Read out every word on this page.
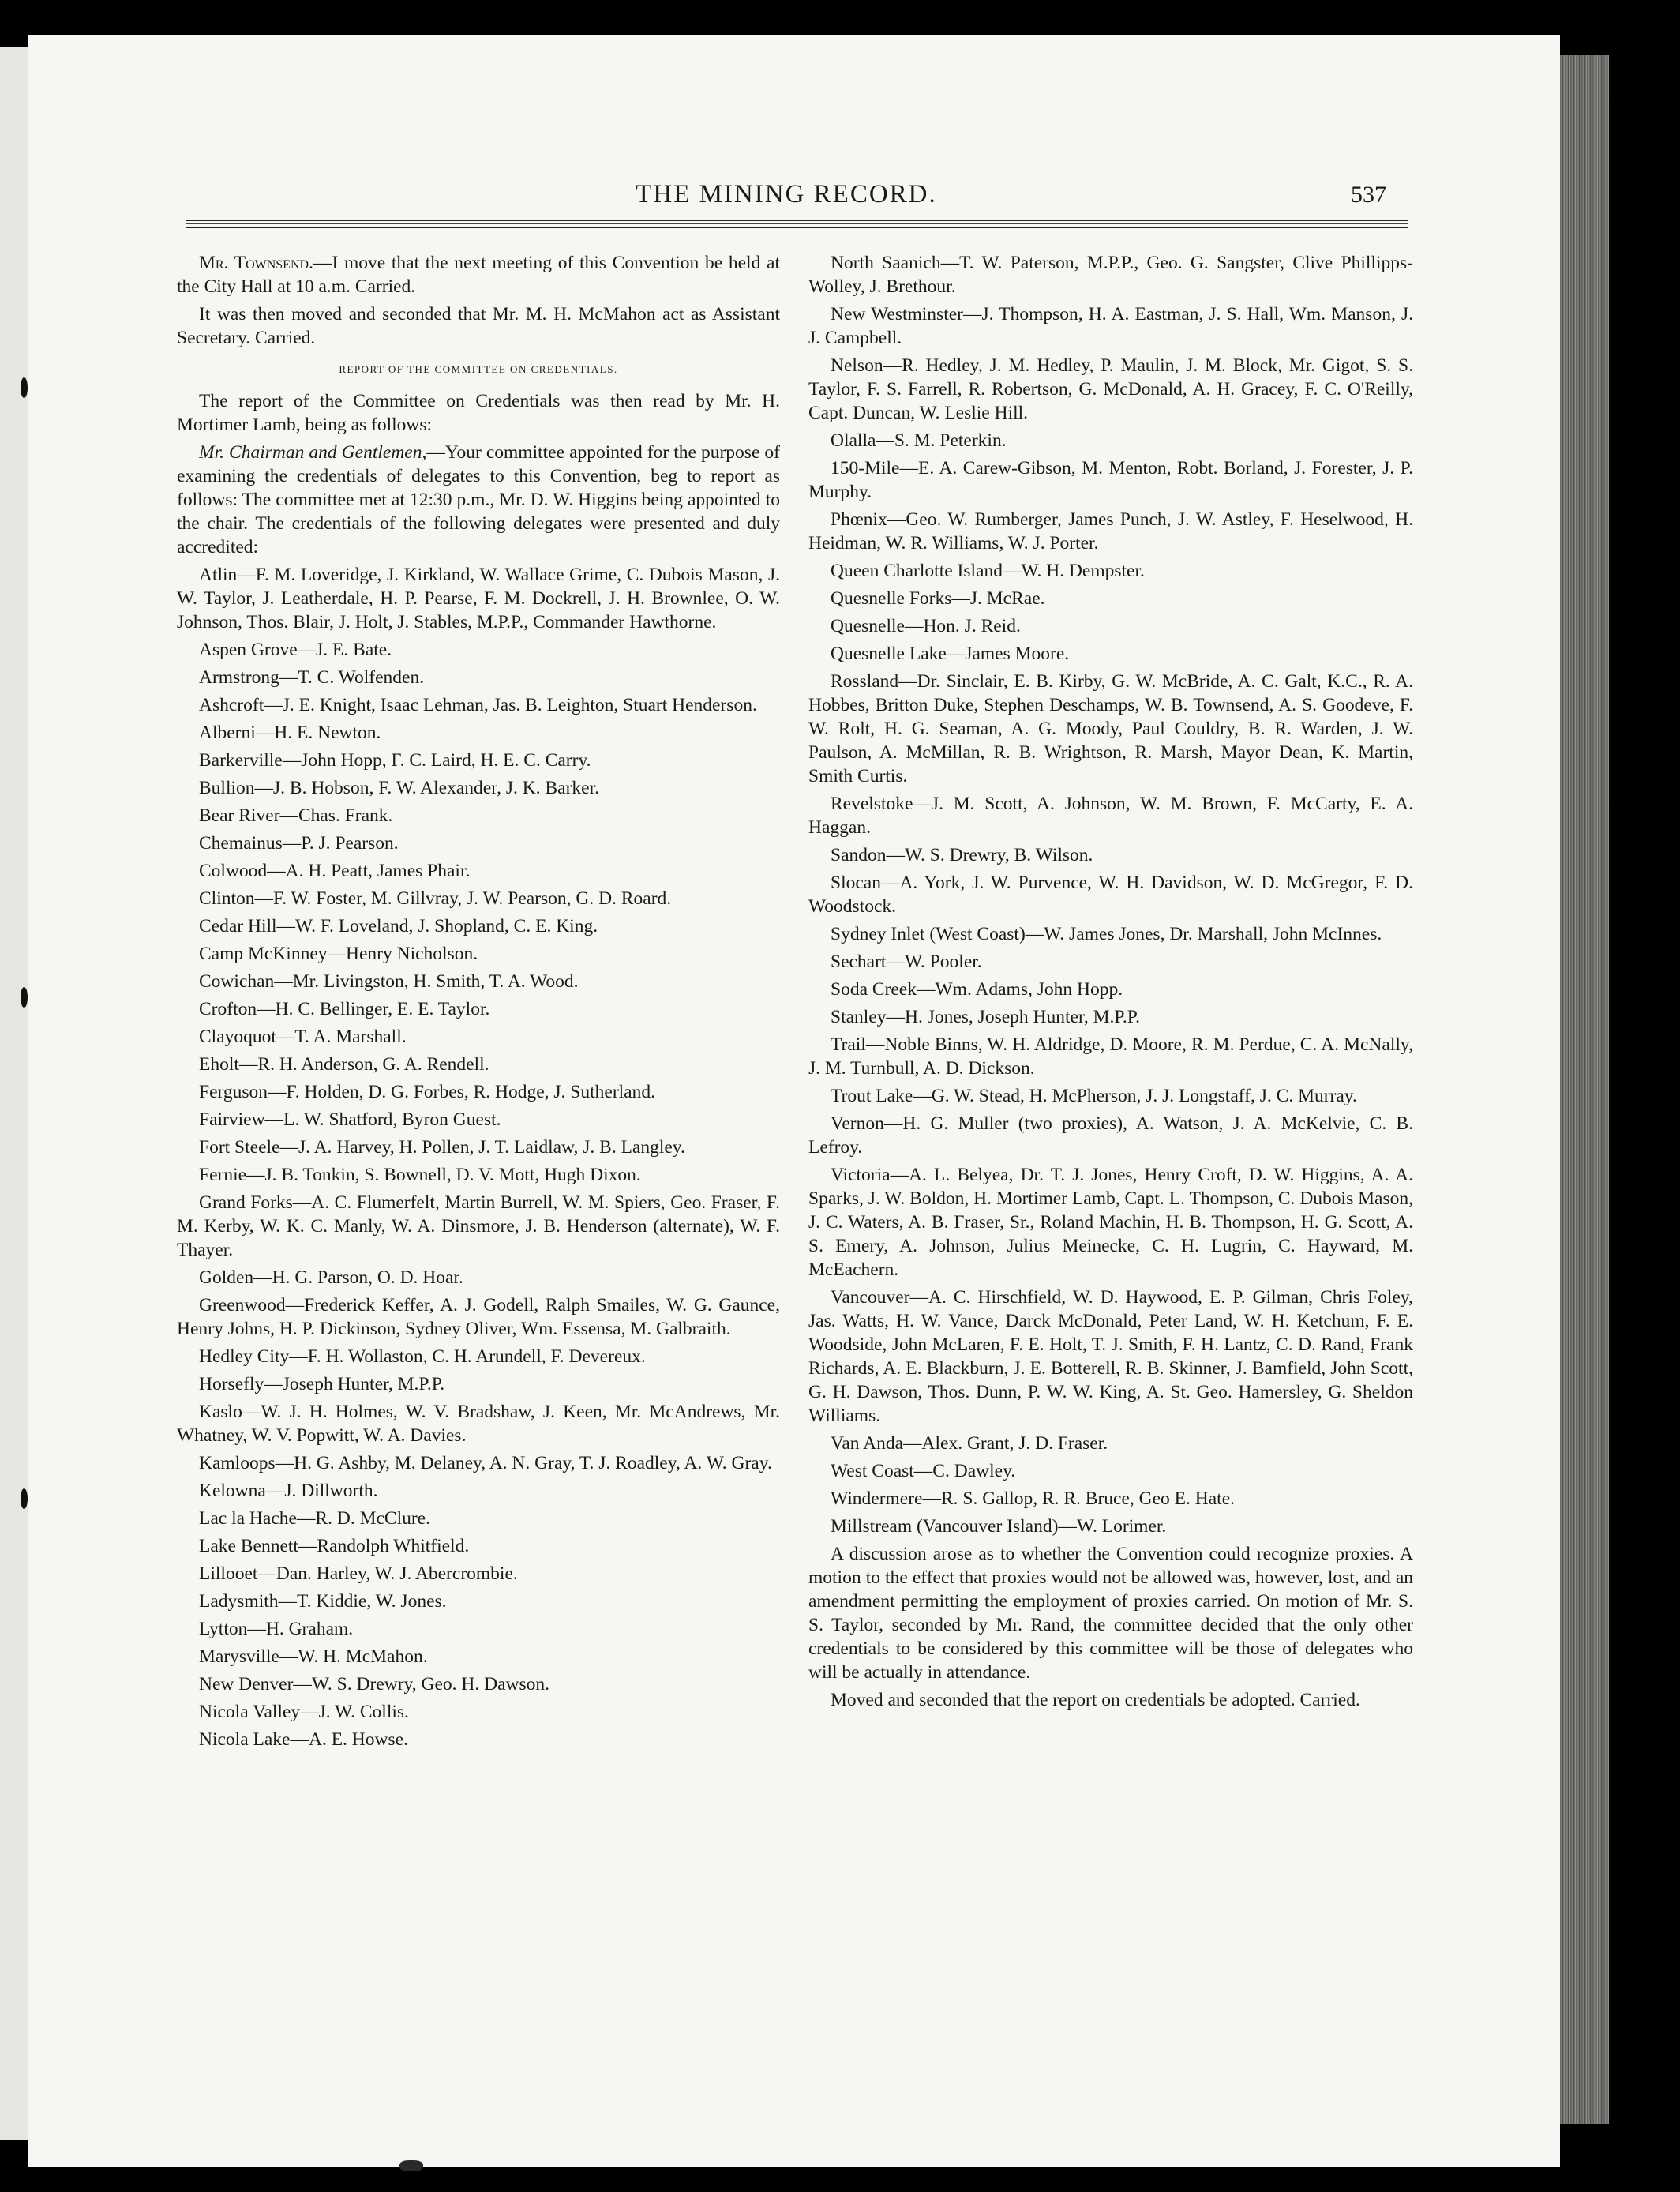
THE MINING RECORD.	537

Mr. Townsend.—I move that the next meeting of this Convention be held at the City Hall at 10 a.m. Carried.

It was then moved and seconded that Mr. M. H. McMahon act as Assistant Secretary. Carried.

REPORT OF THE COMMITTEE ON CREDENTIALS.

The report of the Committee on Credentials was then read by Mr. H. Mortimer Lamb, being as follows:

Mr. Chairman and Gentlemen,—Your committee appointed for the purpose of examining the credentials of delegates to this Convention, beg to report as follows: The committee met at 12:30 p.m., Mr. D. W. Higgins being appointed to the chair. The credentials of the following delegates were presented and duly accredited:

Atlin—F. M. Loveridge, J. Kirkland, W. Wallace Grime, C. Dubois Mason, J. W. Taylor, J. Leatherdale, H. P. Pearse, F. M. Dockrell, J. H. Brownlee, O. W. Johnson, Thos. Blair, J. Holt, J. Stables, M.P.P., Commander Hawthorne.

Aspen Grove—J. E. Bate.

Armstrong—T. C. Wolfenden.

Ashcroft—J. E. Knight, Isaac Lehman, Jas. B. Leighton, Stuart Henderson.

Alberni—H. E. Newton.

Barkerville—John Hopp, F. C. Laird, H. E. C. Carry.

Bullion—J. B. Hobson, F. W. Alexander, J. K. Barker.

Bear River—Chas. Frank.

Chemainus—P. J. Pearson.

Colwood—A. H. Peatt, James Phair.

Clinton—F. W. Foster, M. Gillvray, J. W. Pearson, G. D. Roard.

Cedar Hill—W. F. Loveland, J. Shopland, C. E. King.

Camp McKinney—Henry Nicholson.

Cowichan—Mr. Livingston, H. Smith, T. A. Wood.

Crofton—H. C. Bellinger, E. E. Taylor.

Clayoquot—T. A. Marshall.

Eholt—R. H. Anderson, G. A. Rendell.

Ferguson—F. Holden, D. G. Forbes, R. Hodge, J. Sutherland.

Fairview—L. W. Shatford, Byron Guest.

Fort Steele—J. A. Harvey, H. Pollen, J. T. Laidlaw, J. B. Langley.

Fernie—J. B. Tonkin, S. Bownell, D. V. Mott, Hugh Dixon.

Grand Forks—A. C. Flumerfelt, Martin Burrell, W. M. Spiers, Geo. Fraser, F. M. Kerby, W. K. C. Manly, W. A. Dinsmore, J. B. Henderson (alternate), W. F. Thayer.

Golden—H. G. Parson, O. D. Hoar.

Greenwood—Frederick Keffer, A. J. Godell, Ralph Smailes, W. G. Gaunce, Henry Johns, H. P. Dickinson, Sydney Oliver, Wm. Essensa, M. Galbraith.

Hedley City—F. H. Wollaston, C. H. Arundell, F. Devereux.

Horsefly—Joseph Hunter, M.P.P.

Kaslo—W. J. H. Holmes, W. V. Bradshaw, J. Keen, Mr. McAndrews, Mr. Whatney, W. V. Popwitt, W. A. Davies.

Kamloops—H. G. Ashby, M. Delaney, A. N. Gray, T. J. Roadley, A. W. Gray.

Kelowna—J. Dillworth.

Lac la Hache—R. D. McClure.

Lake Bennett—Randolph Whitfield.

Lillooet—Dan. Harley, W. J. Abercrombie.

Ladysmith—T. Kiddie, W. Jones.

Lytton—H. Graham.

Marysville—W. H. McMahon.

New Denver—W. S. Drewry, Geo. H. Dawson.

Nicola Valley—J. W. Collis.

Nicola Lake—A. E. Howse.

North Saanich—T. W. Paterson, M.P.P., Geo. G. Sangster, Clive Phillipps-Wolley, J. Brethour.

New Westminster—J. Thompson, H. A. Eastman, J. S. Hall, Wm. Manson, J. J. Campbell.

Nelson—R. Hedley, J. M. Hedley, P. Maulin, J. M. Block, Mr. Gigot, S. S. Taylor, F. S. Farrell, R. Robertson, G. McDonald, A. H. Gracey, F. C. O'Reilly, Capt. Duncan, W. Leslie Hill.

Olalla—S. M. Peterkin.

150-Mile—E. A. Carew-Gibson, M. Menton, Robt. Borland, J. Forester, J. P. Murphy.

Phœnix—Geo. W. Rumberger, James Punch, J. W. Astley, F. Heselwood, H. Heidman, W. R. Williams, W. J. Porter.

Queen Charlotte Island—W. H. Dempster.

Quesnelle Forks—J. McRae.

Quesnelle—Hon. J. Reid.

Quesnelle Lake—James Moore.

Rossland—Dr. Sinclair, E. B. Kirby, G. W. McBride, A. C. Galt, K.C., R. A. Hobbes, Britton Duke, Stephen Deschamps, W. B. Townsend, A. S. Goodeve, F. W. Rolt, H. G. Seaman, A. G. Moody, Paul Couldry, B. R. Warden, J. W. Paulson, A. McMillan, R. B. Wrightson, R. Marsh, Mayor Dean, K. Martin, Smith Curtis.

Revelstoke—J. M. Scott, A. Johnson, W. M. Brown, F. McCarty, E. A. Haggan.

Sandon—W. S. Drewry, B. Wilson.

Slocan—A. York, J. W. Purvence, W. H. Davidson, W. D. McGregor, F. D. Woodstock.

Sydney Inlet (West Coast)—W. James Jones, Dr. Marshall, John McInnes.

Sechart—W. Pooler.

Soda Creek—Wm. Adams, John Hopp.

Stanley—H. Jones, Joseph Hunter, M.P.P.

Trail—Noble Binns, W. H. Aldridge, D. Moore, R. M. Perdue, C. A. McNally, J. M. Turnbull, A. D. Dickson.

Trout Lake—G. W. Stead, H. McPherson, J. J. Longstaff, J. C. Murray.

Vernon—H. G. Muller (two proxies), A. Watson, J. A. McKelvie, C. B. Lefroy.

Victoria—A. L. Belyea, Dr. T. J. Jones, Henry Croft, D. W. Higgins, A. A. Sparks, J. W. Boldon, H. Mortimer Lamb, Capt. L. Thompson, C. Dubois Mason, J. C. Waters, A. B. Fraser, Sr., Roland Machin, H. B. Thompson, H. G. Scott, A. S. Emery, A. Johnson, Julius Meinecke, C. H. Lugrin, C. Hayward, M. McEachern.

Vancouver—A. C. Hirschfield, W. D. Haywood, E. P. Gilman, Chris Foley, Jas. Watts, H. W. Vance, Darck McDonald, Peter Land, W. H. Ketchum, F. E. Woodside, John McLaren, F. E. Holt, T. J. Smith, F. H. Lantz, C. D. Rand, Frank Richards, A. E. Blackburn, J. E. Botterell, R. B. Skinner, J. Bamfield, John Scott, G. H. Dawson, Thos. Dunn, P. W. W. King, A. St. Geo. Hamersley, G. Sheldon Williams.

Van Anda—Alex. Grant, J. D. Fraser.

West Coast—C. Dawley.

Windermere—R. S. Gallop, R. R. Bruce, Geo E. Hate.

Millstream (Vancouver Island)—W. Lorimer.

A discussion arose as to whether the Convention could recognize proxies. A motion to the effect that proxies would not be allowed was, however, lost, and an amendment permitting the employment of proxies carried. On motion of Mr. S. S. Taylor, seconded by Mr. Rand, the committee decided that the only other credentials to be considered by this committee will be those of delegates who will be actually in attendance.

Moved and seconded that the report on credentials be adopted. Carried.
